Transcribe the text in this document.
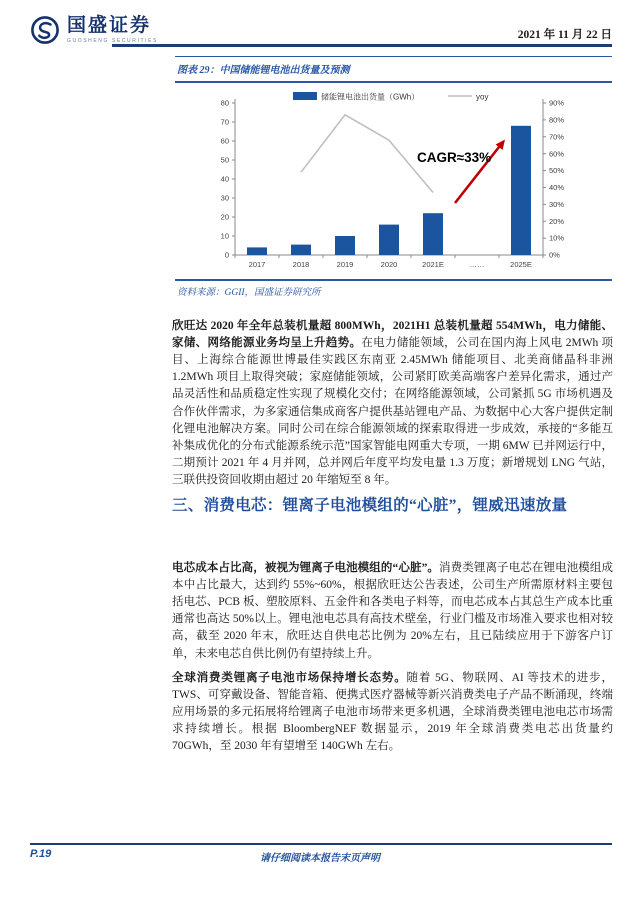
国盛证券
GUOSHENG SECURITIES	2021 年 11 月 22 日
图表 29：中国储能锂电池出货量及预测
储能锂电池出货量（GWh）	yoy
0
10
20
30
40
50
60
70
80
0%
10%
20%
30%
40%
50%
60%
70%
80%
90%
2017	2018	2019	2020	2021E	……	2025E
CAGR≈33%
资料来源：GGII，国盛证券研究所

欣旺达 2020 年全年总装机量超 800MWh，2021H1 总装机量超 554MWh，电力储能、家储、网络能源业务均呈上升趋势。在电力储能领域，公司在国内海上风电 2MWh 项目、上海综合能源世博最佳实践区东南亚 2.45MWh 储能项目、北美商储晶科非洲 1.2MWh 项目上取得突破；家庭储能领域，公司紧盯欧美高端客户差异化需求，通过产品灵活性和品质稳定性实现了规模化交付；在网络能源领域，公司紧抓 5G 市场机遇及合作伙伴需求，为多家通信集成商客户提供基站锂电产品、为数据中心大客户提供定制化锂电池解决方案。同时公司在综合能源领域的探索取得进一步成效，承接的“多能互补集成优化的分布式能源系统示范”国家智能电网重大专项，一期 6MW 已并网运行中，二期预计 2021 年 4 月并网，总并网后年度平均发电量 1.3 万度；新增规划 LNG 气站，三联供投资回收期由超过 20 年缩短至 8 年。

三、消费电芯：锂离子电池模组的“心脏”，锂威迅速放量

电芯成本占比高，被视为锂离子电池模组的“心脏”。消费类锂离子电芯在锂电池模组成本中占比最大，达到约 55%~60%，根据欣旺达公告表述，公司生产所需原材料主要包括电芯、PCB 板、塑胶原料、五金件和各类电子料等，而电芯成本占其总生产成本比重通常也高达 50%以上。锂电池电芯具有高技术壁垒，行业门槛及市场准入要求也相对较高，截至 2020 年末，欣旺达自供电芯比例为 20%左右，且已陆续应用于下游客户订单，未来电芯自供比例仍有望持续上升。

全球消费类锂离子电池市场保持增长态势。随着 5G、物联网、AI 等技术的进步，TWS、可穿戴设备、智能音箱、便携式医疗器械等新兴消费类电子产品不断涌现，终端应用场景的多元拓展将给锂离子电池市场带来更多机遇，全球消费类锂电池电芯市场需求持续增长。根据 BloombergNEF 数据显示，2019 年全球消费类电芯出货量约 70GWh，至 2030 年有望增至 140GWh 左右。

P.19	请仔细阅读本报告末页声明
